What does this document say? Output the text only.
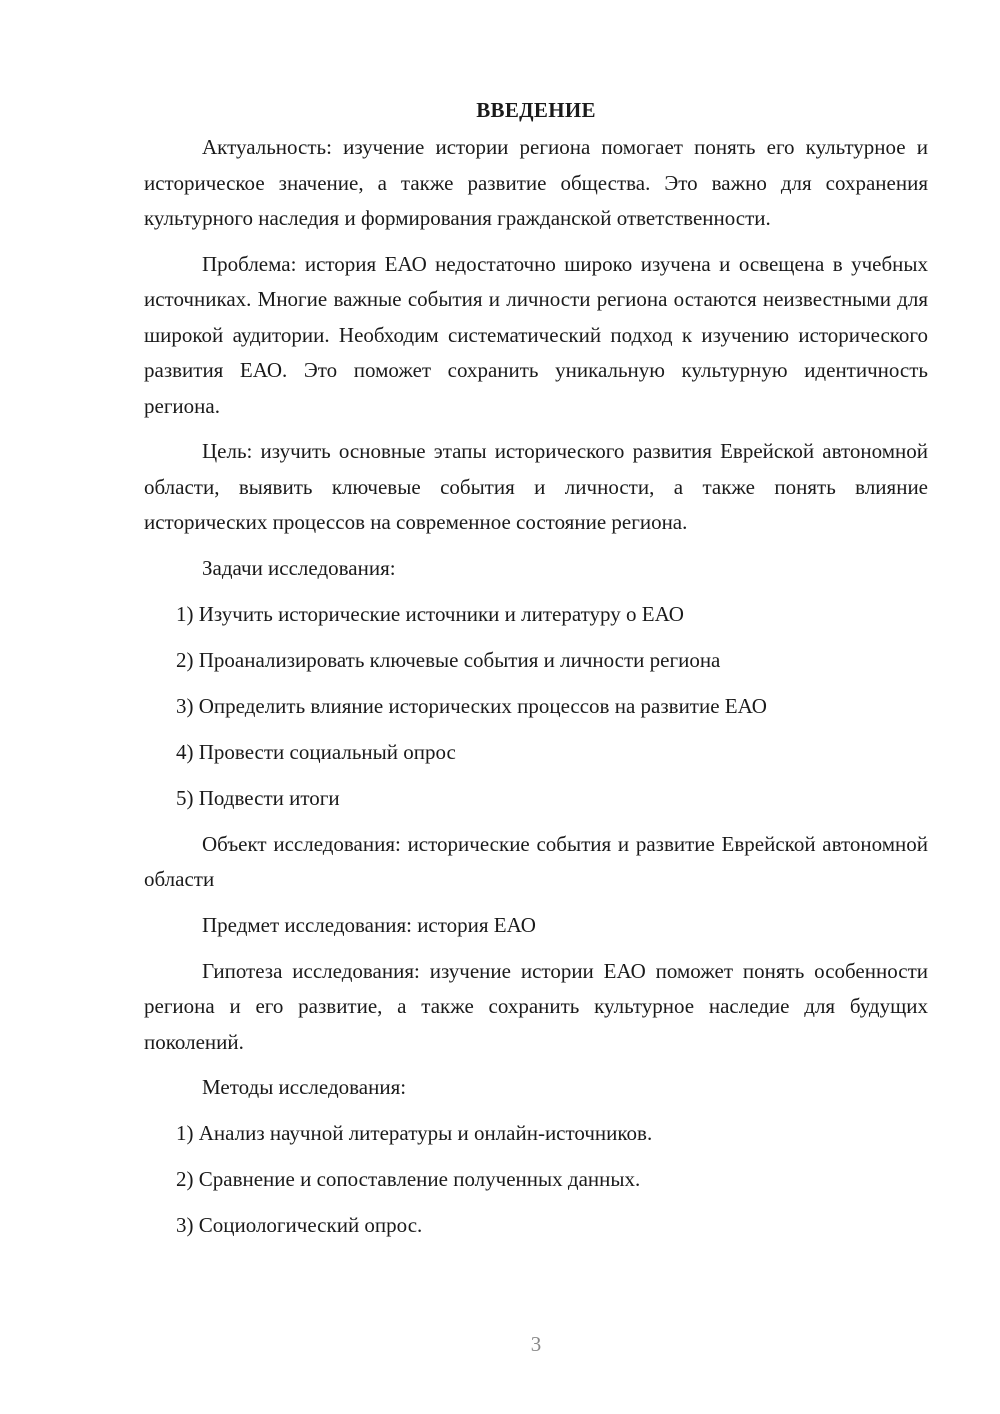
ВВЕДЕНИЕ

Актуальность: изучение истории региона помогает понять его культурное и историческое значение, а также развитие общества. Это важно для сохранения культурного наследия и формирования гражданской ответственности.

Проблема: история ЕАО недостаточно широко изучена и освещена в учебных источниках. Многие важные события и личности региона остаются неизвестными для широкой аудитории. Необходим систематический подход к изучению исторического развития ЕАО. Это поможет сохранить уникальную культурную идентичность региона.

Цель: изучить основные этапы исторического развития Еврейской автономной области, выявить ключевые события и личности, а также понять влияние исторических процессов на современное состояние региона.

Задачи исследования:

1) Изучить исторические источники и литературу о ЕАО

2) Проанализировать ключевые события и личности региона

3) Определить влияние исторических процессов на развитие ЕАО

4) Провести социальный опрос

5) Подвести итоги

Объект исследования: исторические события и развитие Еврейской автономной области

Предмет исследования: история ЕАО

Гипотеза исследования: изучение истории ЕАО поможет понять особенности региона и его развитие, а также сохранить культурное наследие для будущих поколений.

Методы исследования:

1) Анализ научной литературы и онлайн-источников.

2) Сравнение и сопоставление полученных данных.

3) Социологический опрос.

3
